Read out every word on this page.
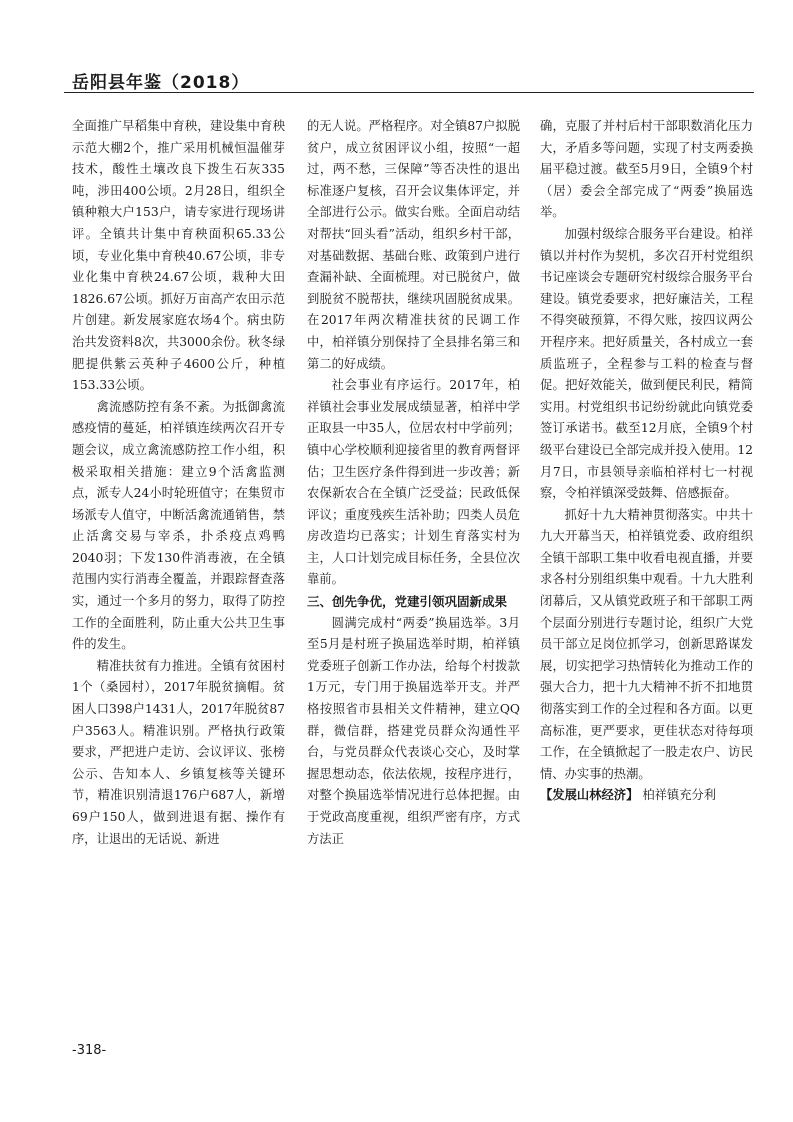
岳阳县年鉴（2018）

全面推广早稻集中育秧，建设集中育秧示范大棚2个，推广采用机械恒温催芽技术，酸性土壤改良下拨生石灰335吨，涉田400公顷。2月28日，组织全镇种粮大户153户，请专家进行现场讲评。全镇共计集中育秧面积65.33公顷，专业化集中育秧40.67公顷，非专业化集中育秧24.67公顷，栽种大田1826.67公顷。抓好万亩高产农田示范片创建。新发展家庭农场4个。病虫防治共发资料8次，共3000余份。秋冬绿肥提供紫云英种子4600公斤，种植153.33公顷。

禽流感防控有条不紊。为抵御禽流感疫情的蔓延，柏祥镇连续两次召开专题会议，成立禽流感防控工作小组，积极采取相关措施：建立9个活禽监测点，派专人24小时轮班值守；在集贸市场派专人值守，中断活禽流通销售，禁止活禽交易与宰杀，扑杀疫点鸡鸭2040羽；下发130件消毒液，在全镇范围内实行消毒全覆盖，并跟踪督查落实，通过一个多月的努力，取得了防控工作的全面胜利，防止重大公共卫生事件的发生。

精准扶贫有力推进。全镇有贫困村1个（桑园村），2017年脱贫摘帽。贫困人口398户1431人，2017年脱贫87户3563人。精准识别。严格执行政策要求，严把进户走访、会议评议、张榜公示、告知本人、乡镇复核等关键环节，精准识别清退176户687人，新增69户150人，做到进退有据、操作有序，让退出的无话说、新进

的无人说。严格程序。对全镇87户拟脱贫户，成立贫困评议小组，按照“一超过，两不愁，三保障”等否决性的退出标准逐户复核，召开会议集体评定，并全部进行公示。做实台账。全面启动结对帮扶“回头看”活动，组织乡村干部，对基础数据、基础台账、政策到户进行查漏补缺、全面梳理。对已脱贫户，做到脱贫不脱帮扶，继续巩固脱贫成果。在2017年两次精准扶贫的民调工作中，柏祥镇分别保持了全县排名第三和第二的好成绩。

社会事业有序运行。2017年，柏祥镇社会事业发展成绩显著，柏祥中学正取县一中35人，位居农村中学前列；镇中心学校顺利迎接省里的教育两督评估；卫生医疗条件得到进一步改善；新农保新农合在全镇广泛受益；民政低保评议；重度残疾生活补助；四类人员危房改造均已落实；计划生育落实村为主，人口计划完成目标任务，全县位次靠前。

三、创先争优，党建引领巩固新成果

圆满完成村“两委”换届选举。3月至5月是村班子换届选举时期，柏祥镇党委班子创新工作办法，给每个村拨款1万元，专门用于换届选举开支。并严格按照省市县相关文件精神，建立QQ群，微信群，搭建党员群众沟通性平台，与党员群众代表谈心交心，及时掌握思想动态，依法依规，按程序进行，对整个换届选举情况进行总体把握。由于党政高度重视，组织严密有序，方式方法正

确，克服了并村后村干部职数消化压力大，矛盾多等问题，实现了村支两委换届平稳过渡。截至5月9日，全镇9个村（居）委会全部完成了“两委”换届选举。

加强村级综合服务平台建设。柏祥镇以并村作为契机，多次召开村党组织书记座谈会专题研究村级综合服务平台建设。镇党委要求，把好廉洁关，工程不得突破预算，不得欠账，按四议两公开程序来。把好质量关，各村成立一套质监班子，全程参与工料的检查与督促。把好效能关，做到便民利民，精简实用。村党组织书记纷纷就此向镇党委签订承诺书。截至12月底，全镇9个村级平台建设已全部完成并投入使用。12月7日，市县领导亲临柏祥村七一村视察，令柏祥镇深受鼓舞、倍感振奋。

抓好十九大精神贯彻落实。中共十九大开幕当天，柏祥镇党委、政府组织全镇干部职工集中收看电视直播，并要求各村分别组织集中观看。十九大胜利闭幕后，又从镇党政班子和干部职工两个层面分别进行专题讨论，组织广大党员干部立足岗位抓学习，创新思路谋发展，切实把学习热情转化为推动工作的强大合力，把十九大精神不折不扣地贯彻落实到工作的全过程和各方面。以更高标准，更严要求，更佳状态对待每项工作，在全镇掀起了一股走农户、访民情、办实事的热潮。

【发展山林经济】 柏祥镇充分利

-318-
